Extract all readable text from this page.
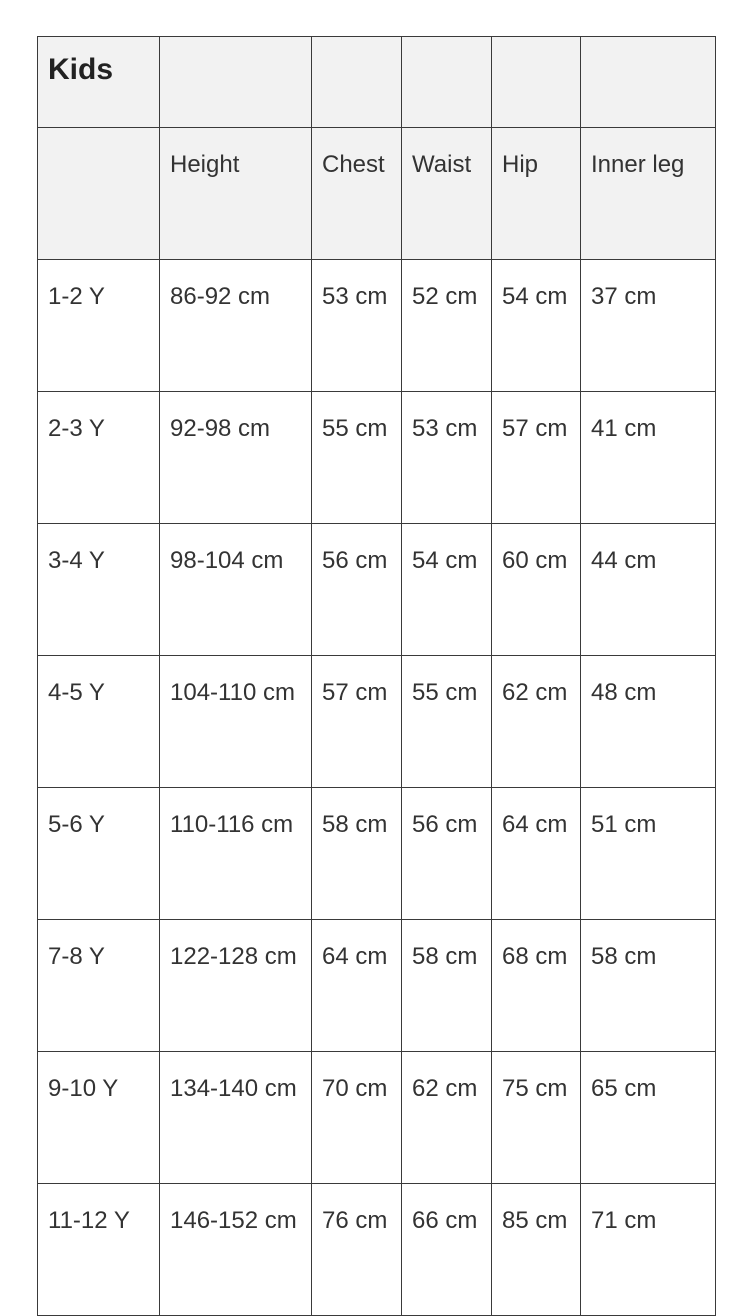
Kids					
	Height	Chest	Waist	Hip	Inner leg
1-2 Y	86-92 cm	53 cm	52 cm	54 cm	37 cm
2-3 Y	92-98 cm	55 cm	53 cm	57 cm	41 cm
3-4 Y	98-104 cm	56 cm	54 cm	60 cm	44 cm
4-5 Y	104-110 cm	57 cm	55 cm	62 cm	48 cm
5-6 Y	110-116 cm	58 cm	56 cm	64 cm	51 cm
7-8 Y	122-128 cm	64 cm	58 cm	68 cm	58 cm
9-10 Y	134-140 cm	70 cm	62 cm	75 cm	65 cm
11-12 Y	146-152 cm	76 cm	66 cm	85 cm	71 cm
